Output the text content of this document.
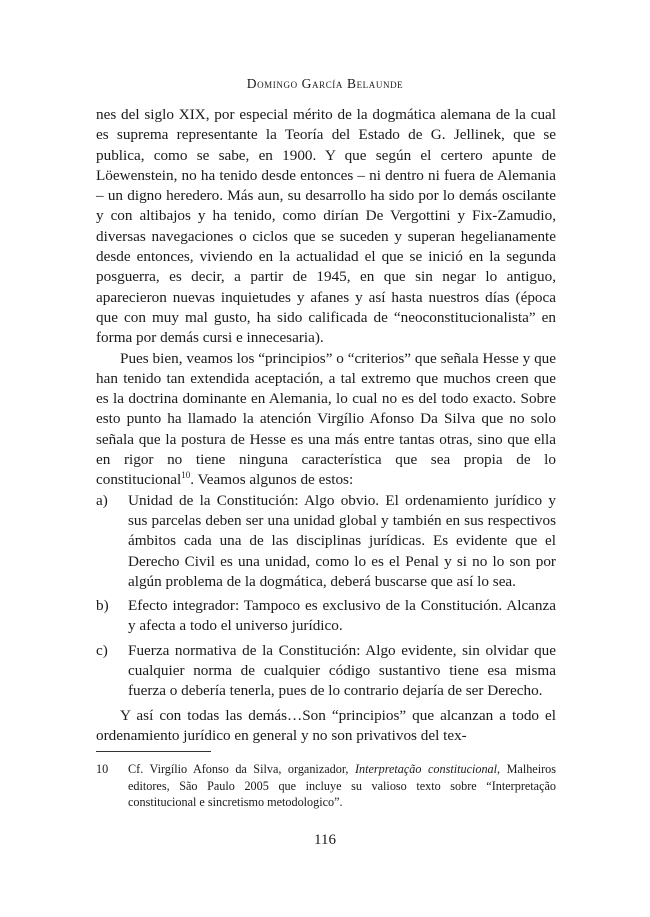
Domingo García Belaunde

nes del siglo XIX, por especial mérito de la dogmática alemana de la cual es suprema representante la Teoría del Estado de G. Jellinek, que se publica, como se sabe, en 1900. Y que según el certero apunte de Löewenstein, no ha tenido desde entonces – ni dentro ni fuera de Alemania – un digno heredero. Más aun, su desarrollo ha sido por lo demás oscilante y con altibajos y ha tenido, como dirían De Vergottini y Fix-Zamudio, diversas navegaciones o ciclos que se suceden y superan hegelianamente desde entonces, viviendo en la actualidad el que se inició en la segunda posguerra, es decir, a partir de 1945, en que sin negar lo antiguo, aparecieron nuevas inquietudes y afanes y así hasta nuestros días (época que con muy mal gusto, ha sido calificada de “neoconstitucionalista” en forma por demás cursi e innecesaria).

Pues bien, veamos los “principios” o “criterios” que señala Hesse y que han tenido tan extendida aceptación, a tal extremo que muchos creen que es la doctrina dominante en Alemania, lo cual no es del todo exacto. Sobre esto punto ha llamado la atención Virgílio Afonso Da Silva que no solo señala que la postura de Hesse es una más entre tantas otras, sino que ella en rigor no tiene ninguna característica que sea propia de lo constitucional$^{10}$. Veamos algunos de estos:

a)	Unidad de la Constitución: Algo obvio. El ordenamiento jurídico y sus parcelas deben ser una unidad global y también en sus respectivos ámbitos cada una de las disciplinas jurídicas. Es evidente que el Derecho Civil es una unidad, como lo es el Penal y si no lo son por algún problema de la dogmática, deberá buscarse que así lo sea.

b)	Efecto integrador: Tampoco es exclusivo de la Constitución. Alcanza y afecta a todo el universo jurídico.

c)	Fuerza normativa de la Constitución: Algo evidente, sin olvidar que cualquier norma de cualquier código sustantivo tiene esa misma fuerza o debería tenerla, pues de lo contrario dejaría de ser Derecho.

Y así con todas las demás…Son “principios” que alcanzan a todo el ordenamiento jurídico en general y no son privativos del tex-

10	Cf. Virgílio Afonso da Silva, organizador, Interpretação constitucional, Malheiros editores, São Paulo 2005 que incluye su valioso texto sobre “Interpretação constitucional e sincretismo metodologico”.
116
